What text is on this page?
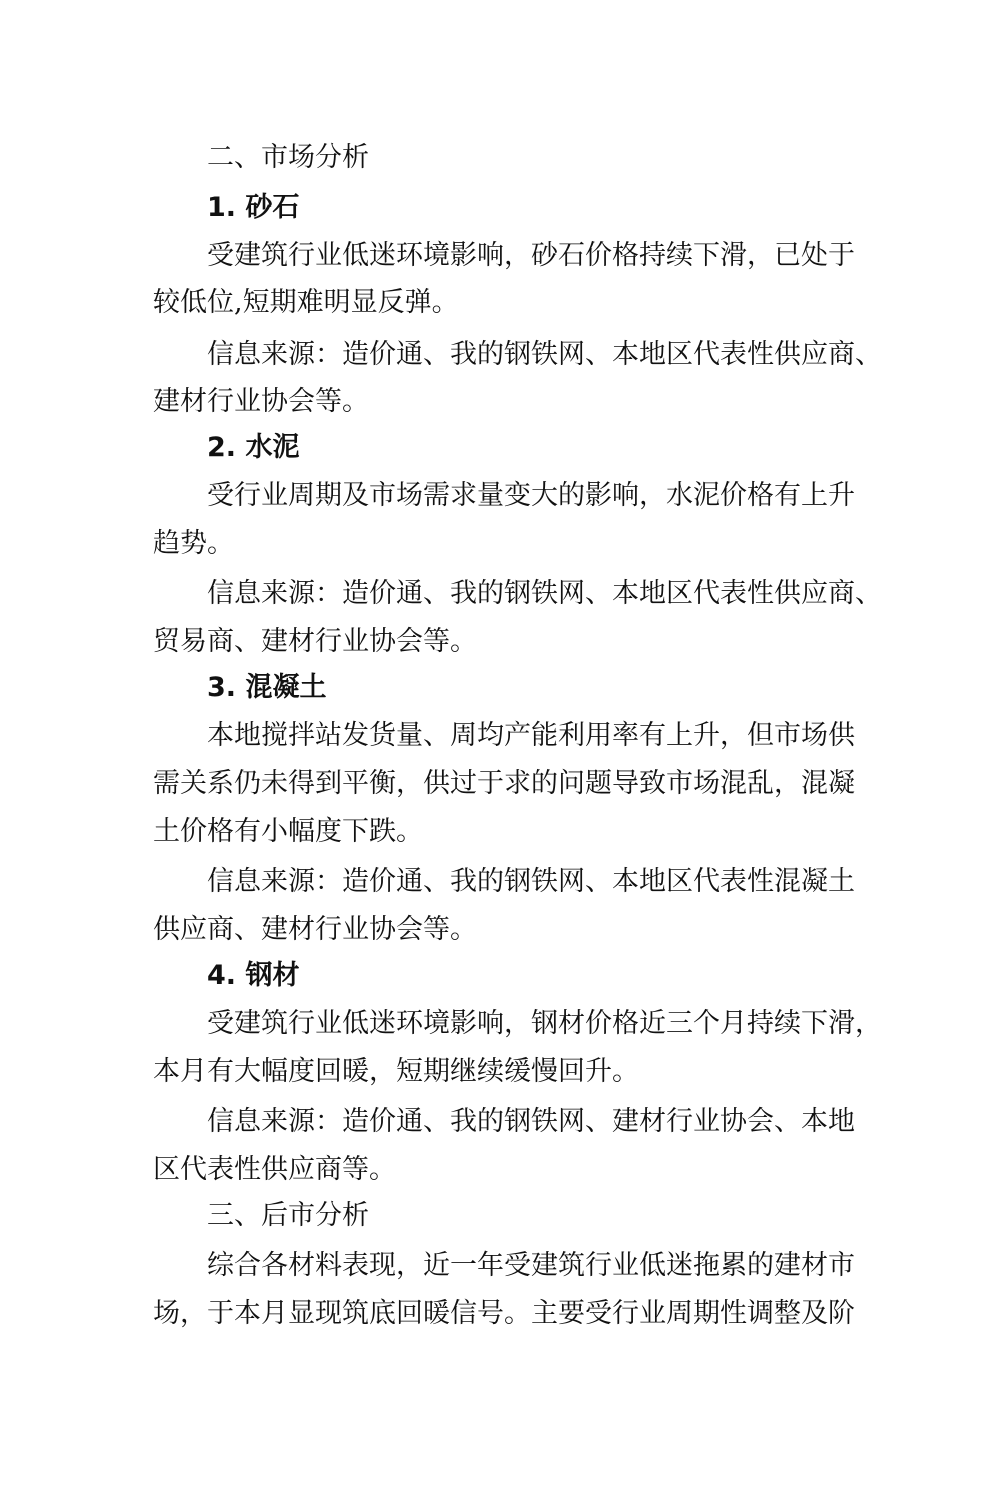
二、市场分析
1. 砂石
受建筑行业低迷环境影响，砂石价格持续下滑，已处于
较低位,短期难明显反弹。
信息来源：造价通、我的钢铁网、本地区代表性供应商、
建材行业协会等。
2. 水泥
受行业周期及市场需求量变大的影响，水泥价格有上升
趋势。
信息来源：造价通、我的钢铁网、本地区代表性供应商、
贸易商、建材行业协会等。
3. 混凝土
本地搅拌站发货量、周均产能利用率有上升，但市场供
需关系仍未得到平衡，供过于求的问题导致市场混乱，混凝
土价格有小幅度下跌。
信息来源：造价通、我的钢铁网、本地区代表性混凝土
供应商、建材行业协会等。
4. 钢材
受建筑行业低迷环境影响，钢材价格近三个月持续下滑，
本月有大幅度回暖，短期继续缓慢回升。
信息来源：造价通、我的钢铁网、建材行业协会、本地
区代表性供应商等。
三、后市分析
综合各材料表现，近一年受建筑行业低迷拖累的建材市
场，于本月显现筑底回暖信号。主要受行业周期性调整及阶
